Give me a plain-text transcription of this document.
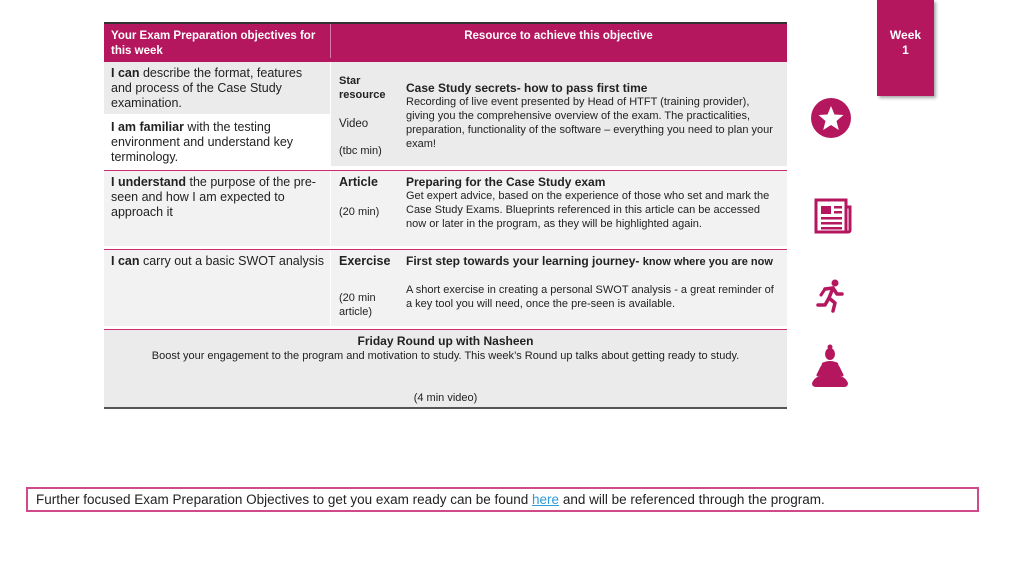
Your Exam Preparation objectives for this week
Resource to achieve this objective
I can describe the format, features and process of the Case Study examination.
I am familiar with the testing environment and understand key terminology.
Star resource
Video
(tbc min)
Case Study secrets- how to pass first time
Recording of live event presented by Head of HTFT (training provider), giving you the comprehensive overview of the exam. The practicalities, preparation, functionality of the software – everything you need to plan your exam!
I understand the purpose of the pre-seen and how I am expected to approach it
Article
(20 min)
Preparing for the Case Study exam
Get expert advice, based on the experience of those who set and mark the Case Study Exams. Blueprints referenced in this article can be accessed now or later in the program, as they will be highlighted again.
I can carry out a basic SWOT analysis Exercise
(20 min article)
First step towards your learning journey- know where you are now
A short exercise in creating a personal SWOT analysis - a great reminder of a key tool you will need, once the pre-seen is available.
Friday Round up with Nasheen
Boost your engagement to the program and motivation to study. This week’s Round up talks about getting ready to study.
(4 min video)
Week
1
Further focused Exam Preparation Objectives to get you exam ready can be found here and will be referenced through the program.
